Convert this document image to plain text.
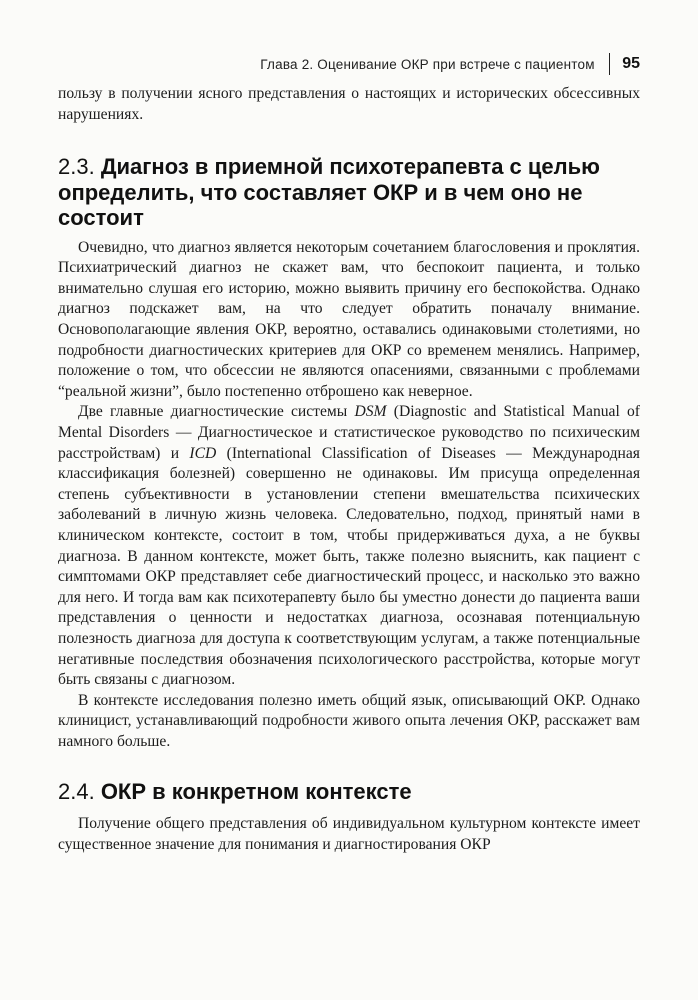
Глава 2. Оценивание ОКР при встрече с пациентом 95

пользу в получении ясного представления о настоящих и исторических обсессивных нарушениях.

2.3. Диагноз в приемной психотерапевта с целью определить, что составляет ОКР и в чем оно не состоит

Очевидно, что диагноз является некоторым сочетанием благословения и проклятия. Психиатрический диагноз не скажет вам, что беспокоит пациента, и только внимательно слушая его историю, можно выявить причину его беспокойства. Однако диагноз подскажет вам, на что следует обратить поначалу внимание. Основополагающие явления ОКР, вероятно, оставались одинаковыми столетиями, но подробности диагностических критериев для ОКР со временем менялись. Например, положение о том, что обсессии не являются опасениями, связанными с проблемами “реальной жизни”, было постепенно отброшено как неверное.

Две главные диагностические системы DSM (Diagnostic and Statistical Manual of Mental Disorders — Диагностическое и статистическое руководство по психическим расстройствам) и ICD (International Classification of Diseases — Международная классификация болезней) совершенно не одинаковы. Им присуща определенная степень субъективности в установлении степени вмешательства психических заболеваний в личную жизнь человека. Следовательно, подход, принятый нами в клиническом контексте, состоит в том, чтобы придерживаться духа, а не буквы диагноза. В данном контексте, может быть, также полезно выяснить, как пациент с симптомами ОКР представляет себе диагностический процесс, и насколько это важно для него. И тогда вам как психотерапевту было бы уместно донести до пациента ваши представления о ценности и недостатках диагноза, осознавая потенциальную полезность диагноза для доступа к соответствующим услугам, а также потенциальные негативные последствия обозначения психологического расстройства, которые могут быть связаны с диагнозом.

В контексте исследования полезно иметь общий язык, описывающий ОКР. Однако клиницист, устанавливающий подробности живого опыта лечения ОКР, расскажет вам намного больше.

2.4. ОКР в конкретном контексте

Получение общего представления об индивидуальном культурном контексте имеет существенное значение для понимания и диагностирования ОКР
